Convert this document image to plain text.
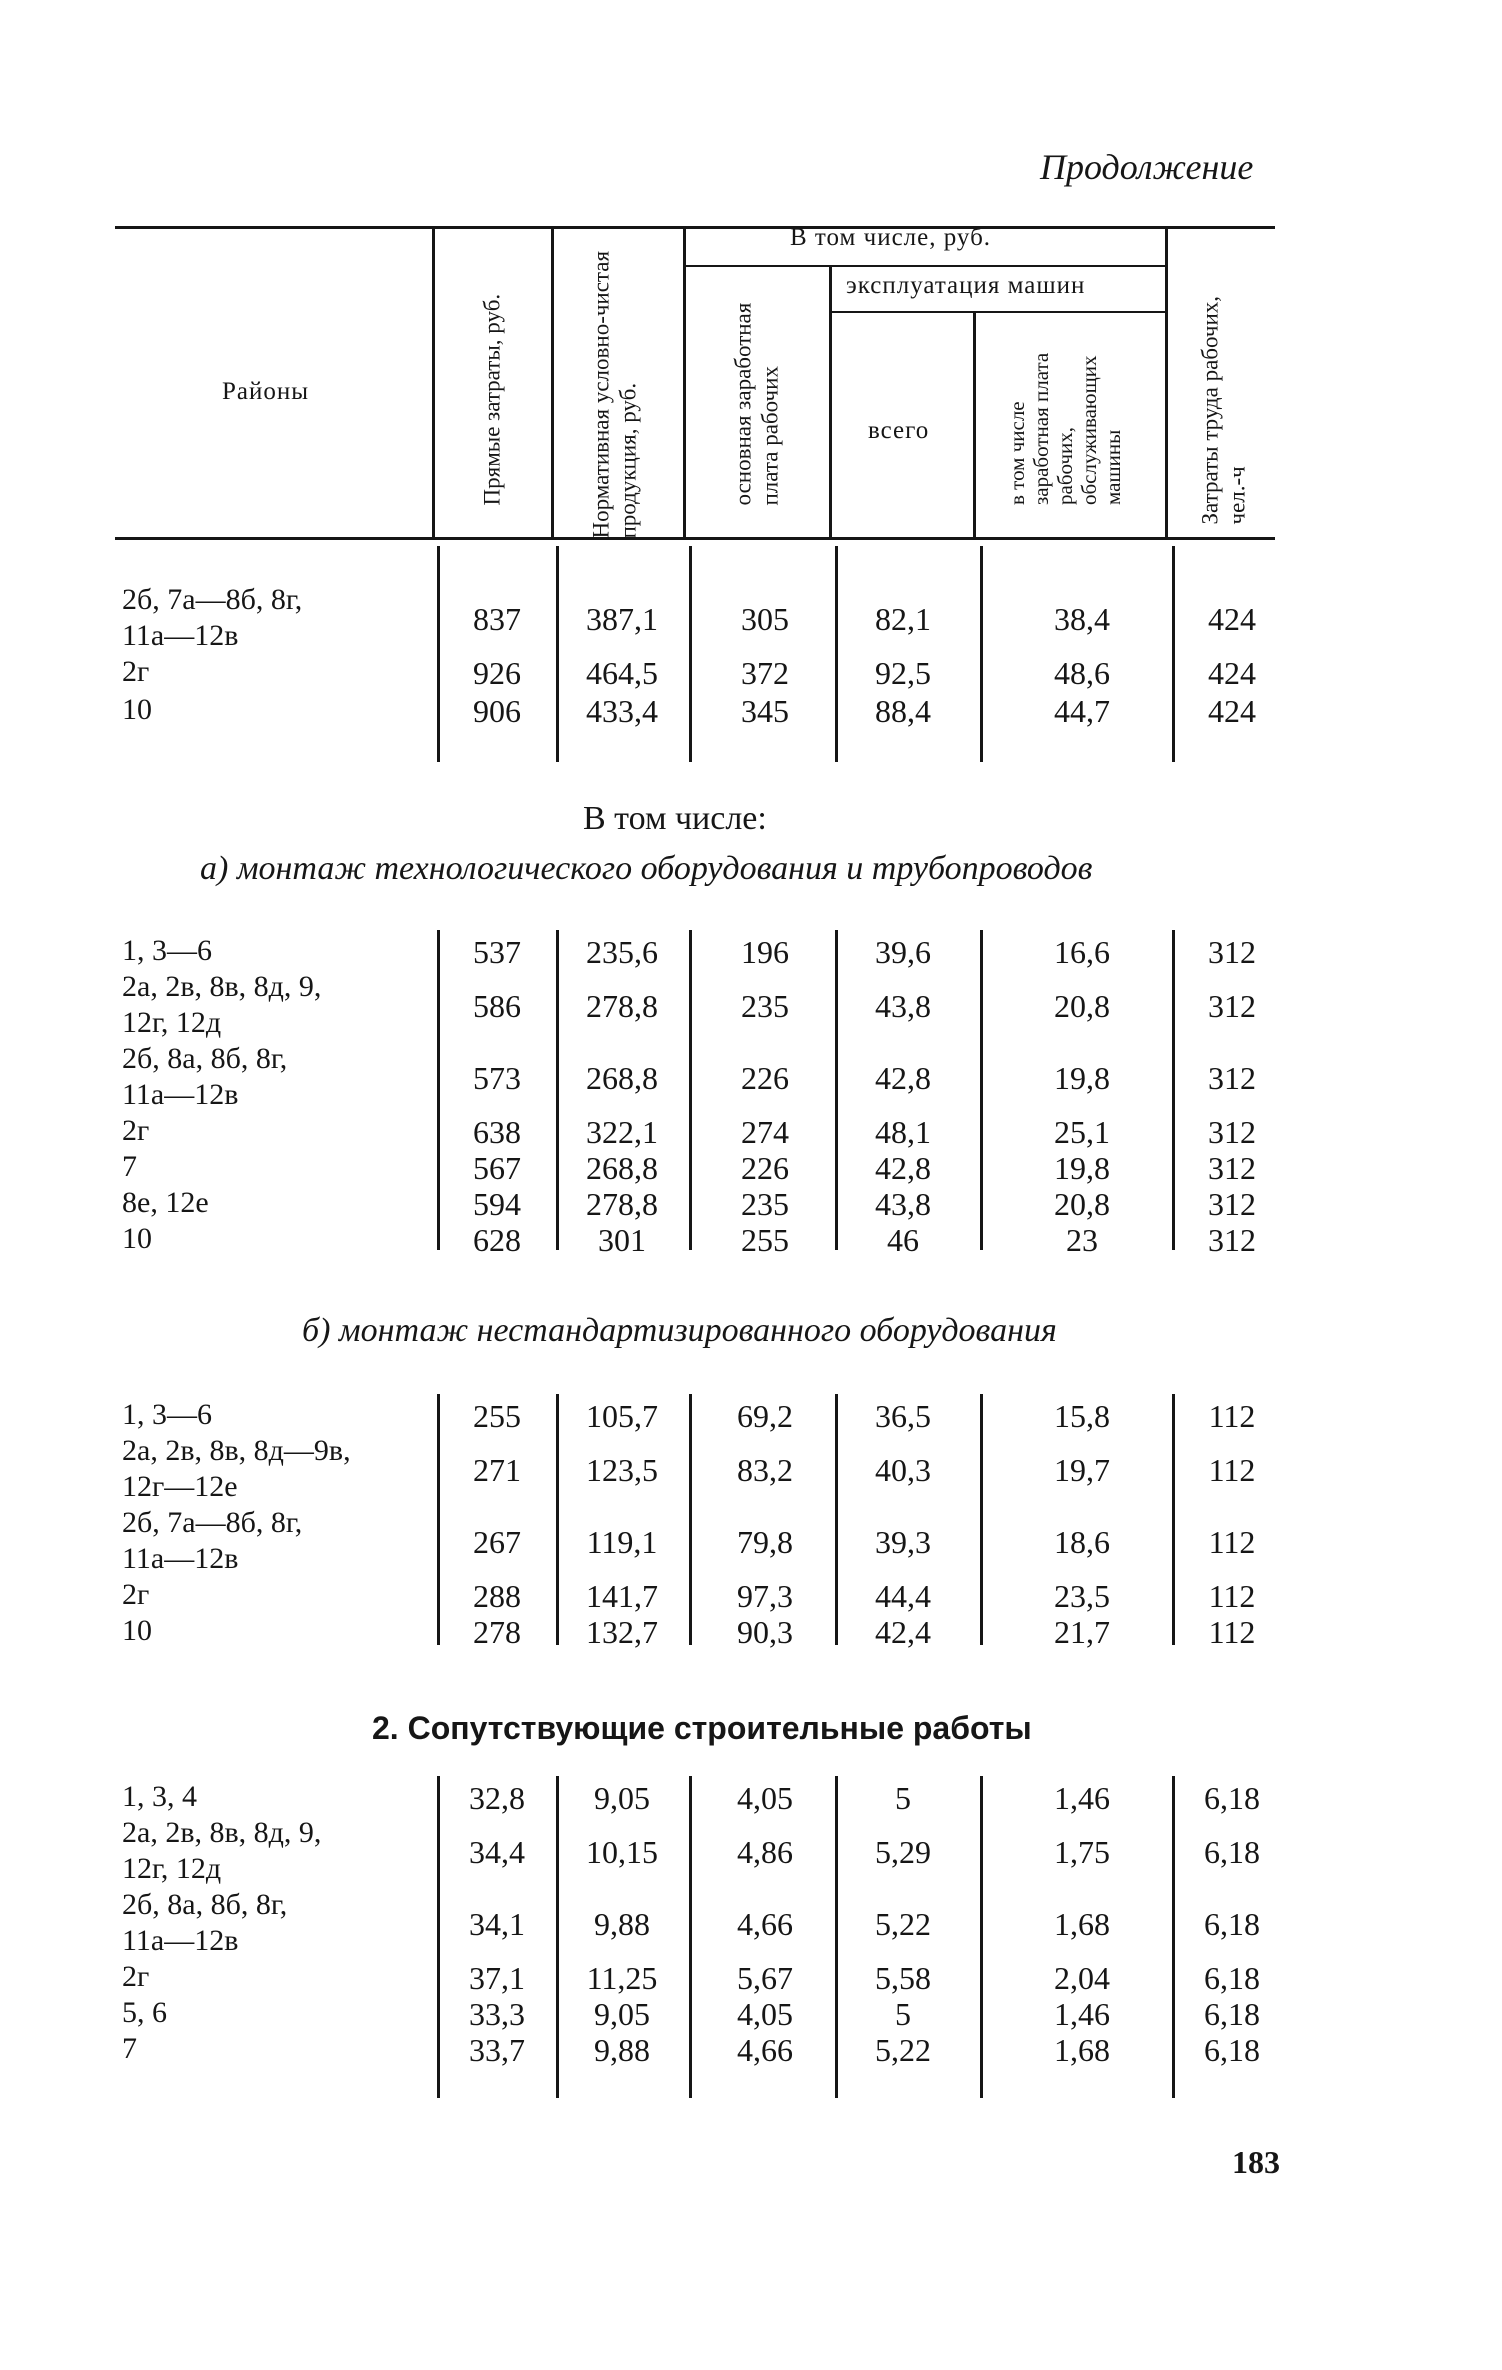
Продолжение
Районы
В том числе, руб.
эксплуатация машин
всего
Прямые затраты, руб.	Нормативная условно-чистая продукция, руб.	основная заработная плата рабочих	в том числе заработная плата рабочих, обслуживающих машины	Затраты труда рабочих, чел.-ч
2б, 7а—8б, 8г,
11а—12в	837	387,1	305	82,1	38,4	424
2г	926	464,5	372	92,5	48,6	424
10	906	433,4	345	88,4	44,7	424
В том числе:
а) монтаж технологического оборудования и трубопроводов
1, 3—6	537	235,6	196	39,6	16,6	312
2а, 2в, 8в, 8д, 9,
12г, 12д	586	278,8	235	43,8	20,8	312
2б, 8а, 8б, 8г,
11а—12в	573	268,8	226	42,8	19,8	312
2г	638	322,1	274	48,1	25,1	312
7	567	268,8	226	42,8	19,8	312
8е, 12е	594	278,8	235	43,8	20,8	312
10	628	301	255	46	23	312
б) монтаж нестандартизированного оборудования
1, 3—6	255	105,7	69,2	36,5	15,8	112
2а, 2в, 8в, 8д—9в,
12г—12е	271	123,5	83,2	40,3	19,7	112
2б, 7а—8б, 8г,
11а—12в	267	119,1	79,8	39,3	18,6	112
2г	288	141,7	97,3	44,4	23,5	112
10	278	132,7	90,3	42,4	21,7	112
2. Сопутствующие строительные работы
1, 3, 4	32,8	9,05	4,05	5	1,46	6,18
2а, 2в, 8в, 8д, 9,
12г, 12д	34,4	10,15	4,86	5,29	1,75	6,18
2б, 8а, 8б, 8г,
11а—12в	34,1	9,88	4,66	5,22	1,68	6,18
2г	37,1	11,25	5,67	5,58	2,04	6,18
5, 6	33,3	9,05	4,05	5	1,46	6,18
7	33,7	9,88	4,66	5,22	1,68	6,18
183
